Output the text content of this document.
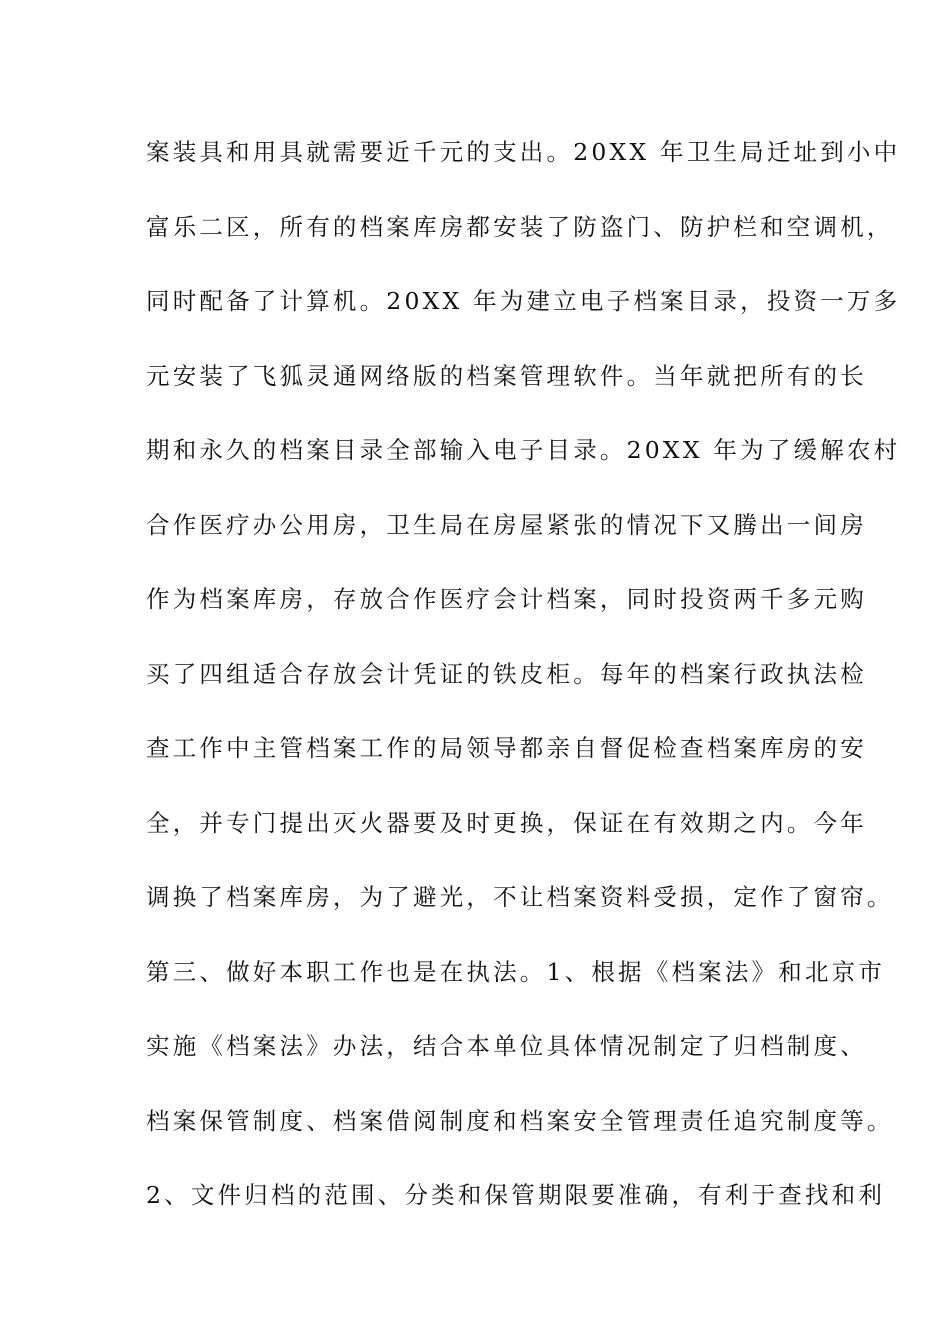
案装具和用具就需要近千元的支出。20XX 年卫生局迁址到小中
富乐二区，所有的档案库房都安装了防盗门、防护栏和空调机，
同时配备了计算机。20XX 年为建立电子档案目录，投资一万多
元安装了飞狐灵通网络版的档案管理软件。当年就把所有的长
期和永久的档案目录全部输入电子目录。20XX 年为了缓解农村
合作医疗办公用房，卫生局在房屋紧张的情况下又腾出一间房
作为档案库房，存放合作医疗会计档案，同时投资两千多元购
买了四组适合存放会计凭证的铁皮柜。每年的档案行政执法检
查工作中主管档案工作的局领导都亲自督促检查档案库房的安
全，并专门提出灭火器要及时更换，保证在有效期之内。今年
调换了档案库房，为了避光，不让档案资料受损，定作了窗帘。
第三、做好本职工作也是在执法。1、根据《档案法》和北京市
实施《档案法》办法，结合本单位具体情况制定了归档制度、
档案保管制度、档案借阅制度和档案安全管理责任追究制度等。
2、文件归档的范围、分类和保管期限要准确，有利于查找和利
